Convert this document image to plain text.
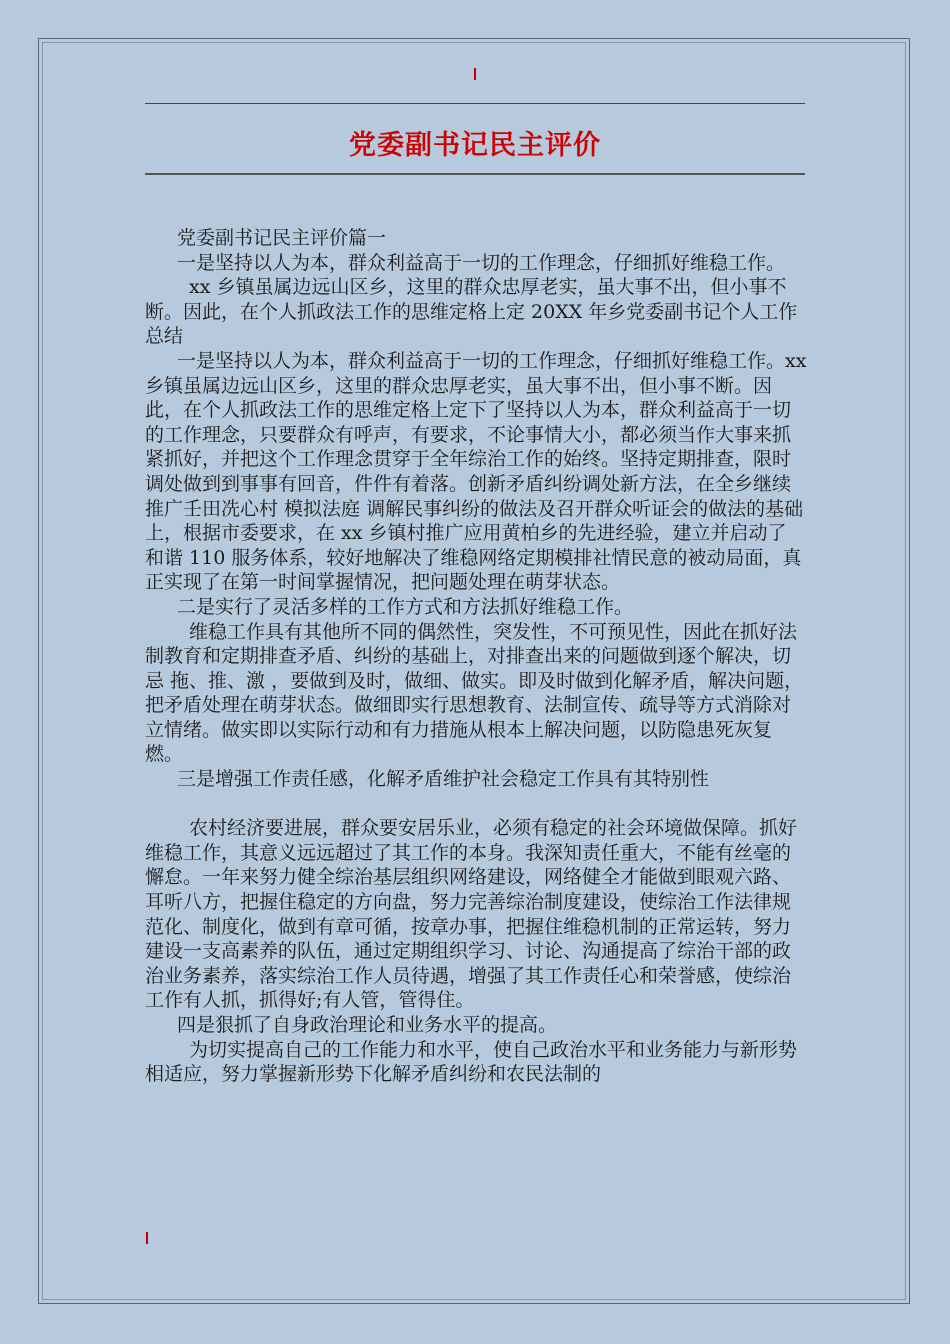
党委副书记民主评价

党委副书记民主评价篇一

一是坚持以人为本，群众利益高于一切的工作理念，仔细抓好维稳工作。

xx 乡镇虽属边远山区乡，这里的群众忠厚老实，虽大事不出，但小事不断。因此，在个人抓政法工作的思维定格上定 20XX 年乡党委副书记个人工作总结

一是坚持以人为本，群众利益高于一切的工作理念，仔细抓好维稳工作。xx 乡镇虽属边远山区乡，这里的群众忠厚老实，虽大事不出，但小事不断。因此，在个人抓政法工作的思维定格上定下了坚持以人为本，群众利益高于一切的工作理念，只要群众有呼声，有要求，不论事情大小，都必须当作大事来抓紧抓好，并把这个工作理念贯穿于全年综治工作的始终。坚持定期排查，限时调处做到到事事有回音，件件有着落。创新矛盾纠纷调处新方法，在全乡继续推广壬田冼心村 模拟法庭 调解民事纠纷的做法及召开群众听证会的做法的基础上，根据市委要求，在 xx 乡镇村推广应用黄柏乡的先进经验，建立并启动了 和谐 110 服务体系，较好地解决了维稳网络定期模排社情民意的被动局面，真正实现了在第一时间掌握情况，把问题处理在萌芽状态。

二是实行了灵活多样的工作方式和方法抓好维稳工作。

维稳工作具有其他所不同的偶然性，突发性，不可预见性，因此在抓好法制教育和定期排查矛盾、纠纷的基础上，对排查出来的问题做到逐个解决，切忌 拖、推、激 ，要做到及时，做细、做实。即及时做到化解矛盾，解决问题，把矛盾处理在萌芽状态。做细即实行思想教育、法制宣传、疏导等方式消除对立情绪。做实即以实际行动和有力措施从根本上解决问题，以防隐患死灰复燃。

三是增强工作责任感，化解矛盾维护社会稳定工作具有其特别性

农村经济要进展，群众要安居乐业，必须有稳定的社会环境做保障。抓好维稳工作，其意义远远超过了其工作的本身。我深知责任重大，不能有丝毫的懈怠。一年来努力健全综治基层组织网络建设，网络健全才能做到眼观六路、耳听八方，把握住稳定的方向盘，努力完善综治制度建设，使综治工作法律规范化、制度化，做到有章可循，按章办事，把握住维稳机制的正常运转，努力建设一支高素养的队伍，通过定期组织学习、讨论、沟通提高了综治干部的政治业务素养，落实综治工作人员待遇，增强了其工作责任心和荣誉感，使综治工作有人抓，抓得好;有人管，管得住。

四是狠抓了自身政治理论和业务水平的提高。

为切实提高自己的工作能力和水平，使自己政治水平和业务能力与新形势相适应，努力掌握新形势下化解矛盾纠纷和农民法制的
